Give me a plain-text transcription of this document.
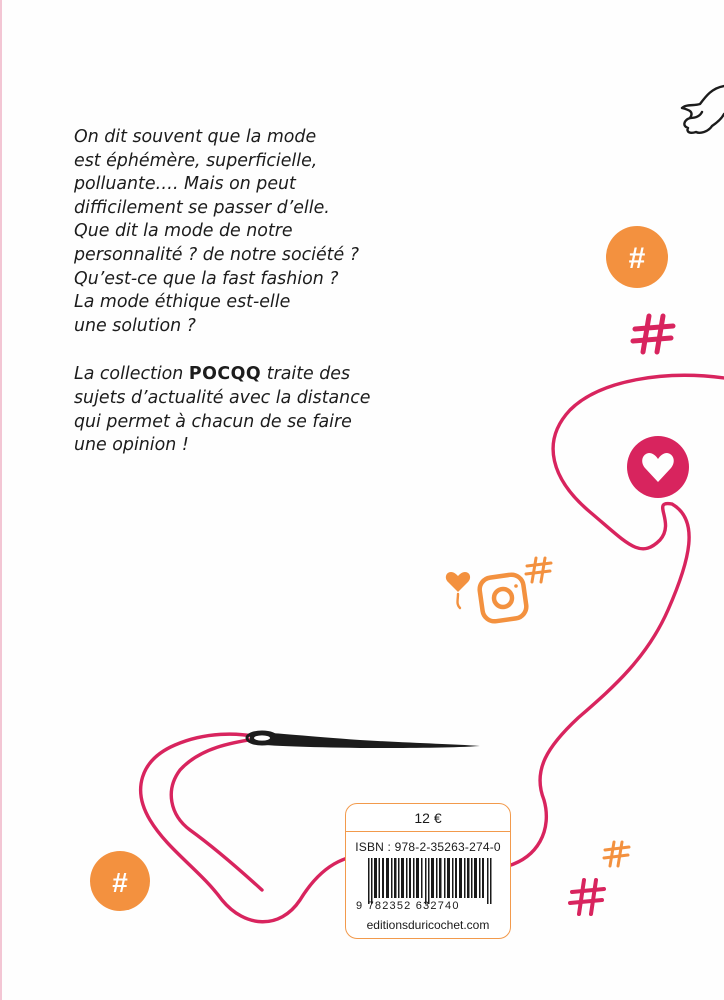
On dit souvent que la mode
est éphémère, superficielle,
polluante…. Mais on peut
difficilement se passer d’elle.
Que dit la mode de notre
personnalité ? de notre société ?
Qu’est-ce que la fast fashion ?
La mode éthique est-elle
une solution ?
La collection POCQQ traite des
sujets d’actualité avec la distance
qui permet à chacun de se faire
une opinion !
#
#
12 €
ISBN : 978-2-35263-274-0
9 782352 632740
editionsduricochet.com
